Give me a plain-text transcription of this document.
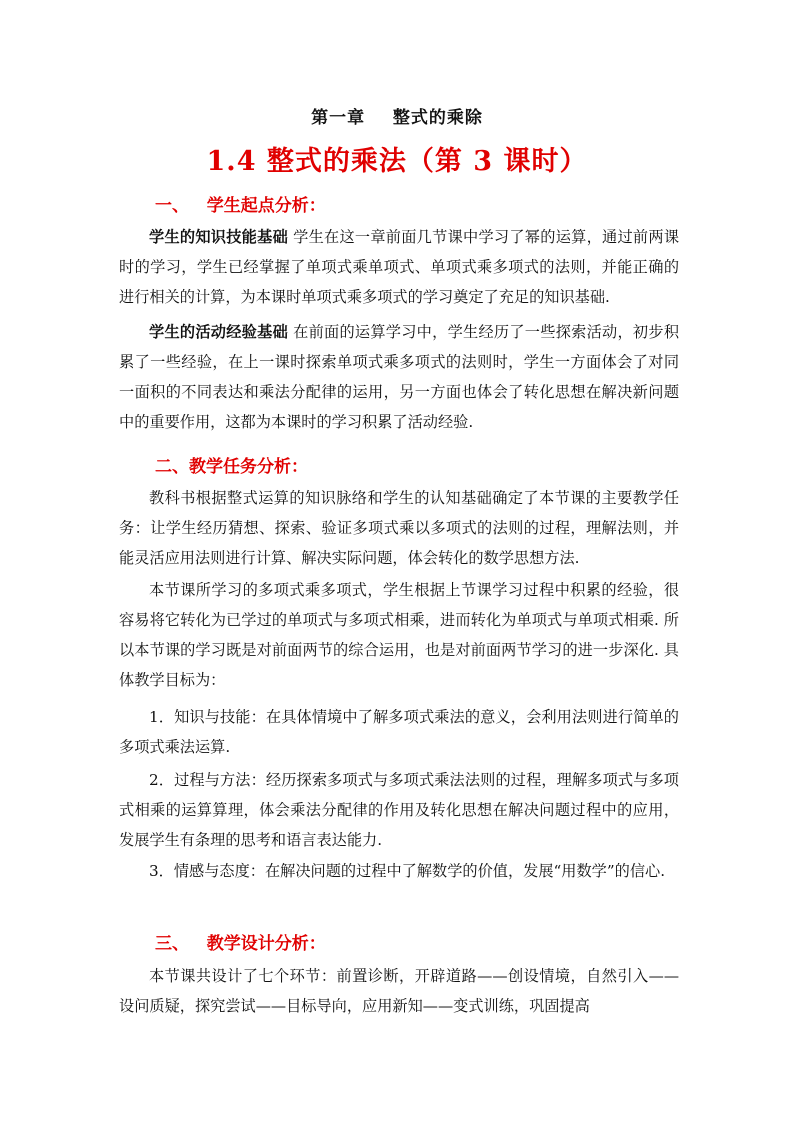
第一章    整式的乘除
1.4 整式的乘法（第 3 课时）
一、   学生起点分析：
学生的知识技能基础 学生在这一章前面几节课中学习了幂的运算，通过前两课时的学习，学生已经掌握了单项式乘单项式、单项式乘多项式的法则，并能正确的进行相关的计算，为本课时单项式乘多项式的学习奠定了充足的知识基础.
学生的活动经验基础 在前面的运算学习中，学生经历了一些探索活动，初步积累了一些经验，在上一课时探索单项式乘多项式的法则时，学生一方面体会了对同一面积的不同表达和乘法分配律的运用，另一方面也体会了转化思想在解决新问题中的重要作用，这都为本课时的学习积累了活动经验.
二、教学任务分析：
教科书根据整式运算的知识脉络和学生的认知基础确定了本节课的主要教学任务：让学生经历猜想、探索、验证多项式乘以多项式的法则的过程，理解法则，并能灵活应用法则进行计算、解决实际问题，体会转化的数学思想方法.
本节课所学习的多项式乘多项式，学生根据上节课学习过程中积累的经验，很容易将它转化为已学过的单项式与多项式相乘，进而转化为单项式与单项式相乘. 所以本节课的学习既是对前面两节的综合运用，也是对前面两节学习的进一步深化. 具体教学目标为：
1．知识与技能：在具体情境中了解多项式乘法的意义，会利用法则进行简单的多项式乘法运算.
2．过程与方法：经历探索多项式与多项式乘法法则的过程，理解多项式与多项式相乘的运算算理，体会乘法分配律的作用及转化思想在解决问题过程中的应用，发展学生有条理的思考和语言表达能力.
3．情感与态度：在解决问题的过程中了解数学的价值，发展“用数学”的信心.
三、   教学设计分析：
本节课共设计了七个环节：前置诊断，开辟道路——创设情境，自然引入——设问质疑，探究尝试——目标导向，应用新知——变式训练，巩固提高
